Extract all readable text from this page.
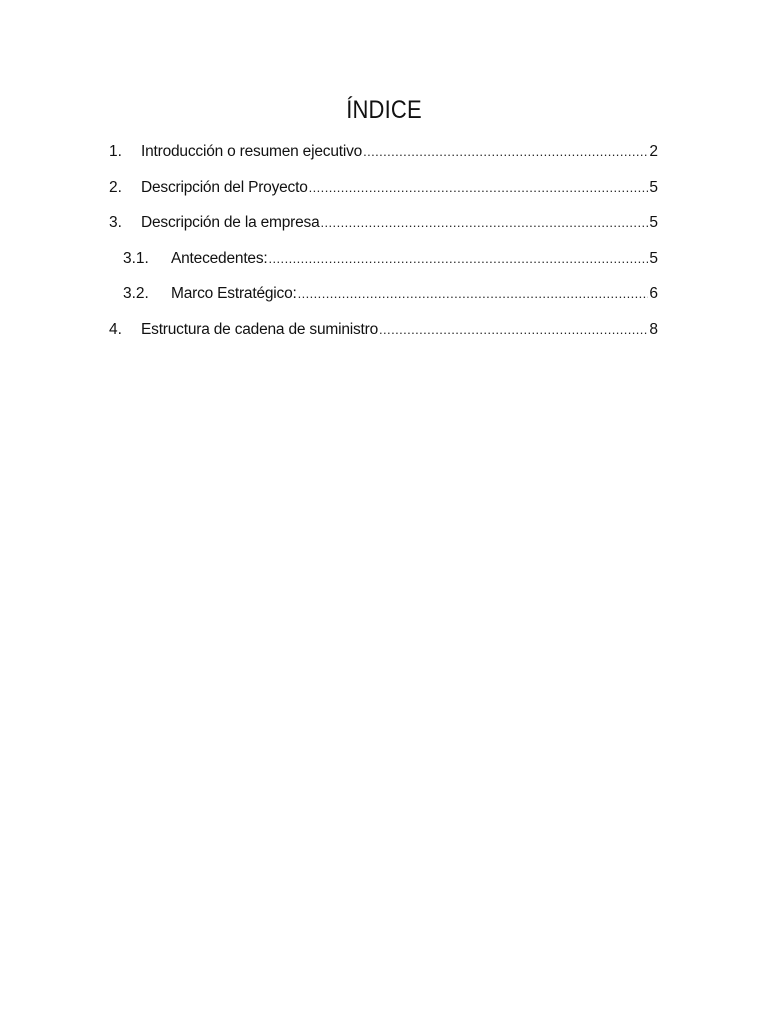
ÍNDICE
1.	Introducción o resumen ejecutivo .....	2
2.	Descripción del Proyecto .....	5
3.	Descripción de la empresa .....	5
3.1.	Antecedentes: .....	5
3.2.	Marco Estratégico: .....	6
4.	Estructura de cadena de suministro .....	8
